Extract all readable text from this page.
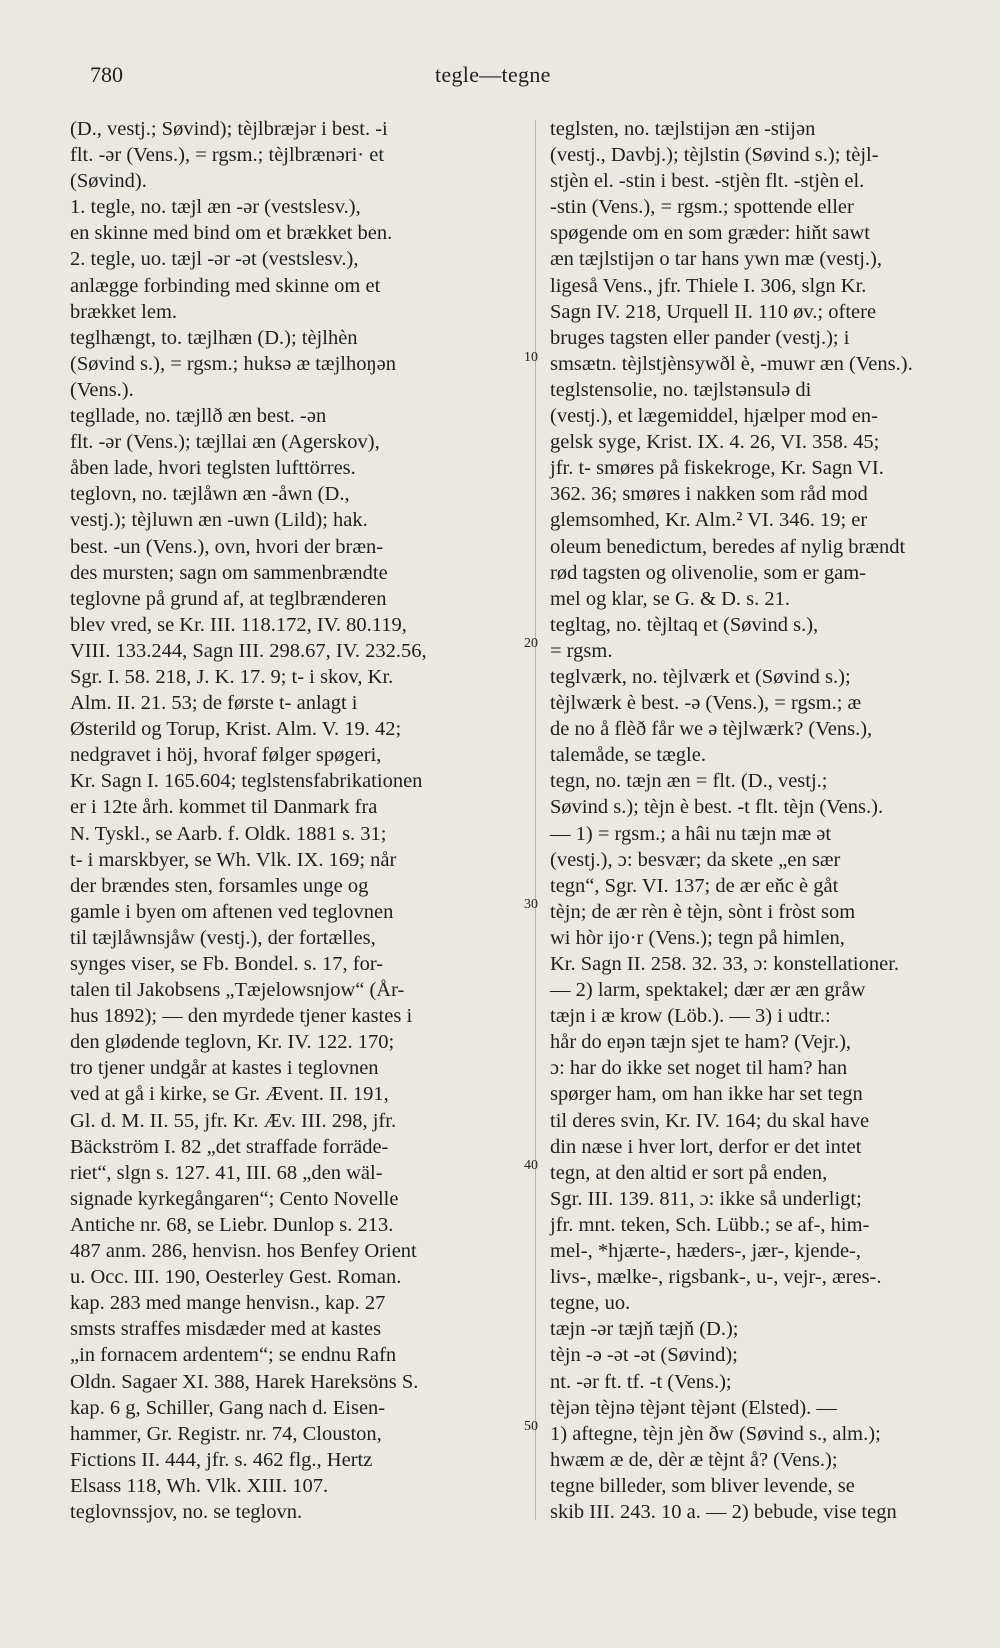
780	tegle—tegne
(D., vestj.; Søvind); tèjlbræjər i best. -i
flt. -ər (Vens.), = rgsm.; tèjlbrænəri· et
(Søvind).
1. tegle, no. tæjl æn -ər (vestslesv.),
en skinne med bind om et brækket ben.
2. tegle, uo. tæjl -ər -ət (vestslesv.),
anlægge forbinding med skinne om et
brækket lem.
teglhængt, to. tæjlhæn (D.); tèjlhèn
(Søvind s.), = rgsm.; huksə æ tæjlhoŋən
(Vens.).
tegllade, no. tæjllð æn best. -ən
flt. -ər (Vens.); tæjllai æn (Agerskov),
åben lade, hvori teglsten lufttörres.
teglovn, no. tæjlåwn æn -åwn (D.,
vestj.); tèjluwn æn -uwn (Lild); hak.
best. -un (Vens.), ovn, hvori der bræn-
des mursten; sagn om sammenbrændte
teglovne på grund af, at teglbrænderen
blev vred, se Kr. III. 118.172, IV. 80.119,
VIII. 133.244, Sagn III. 298.67, IV. 232.56,
Sgr. I. 58. 218, J. K. 17. 9; t- i skov, Kr.
Alm. II. 21. 53; de første t- anlagt i
Østerild og Torup, Krist. Alm. V. 19. 42;
nedgravet i höj, hvoraf følger spøgeri,
Kr. Sagn I. 165.604; teglstensfabrikationen
er i 12te årh. kommet til Danmark fra
N. Tyskl., se Aarb. f. Oldk. 1881 s. 31;
t- i marskbyer, se Wh. Vlk. IX. 169; når
der brændes sten, forsamles unge og
gamle i byen om aftenen ved teglovnen
til tæjlåwnsjåw (vestj.), der fortælles,
synges viser, se Fb. Bondel. s. 17, for-
talen til Jakobsens „Tæjelowsnjow“ (År-
hus 1892); — den myrdede tjener kastes i
den glødende teglovn, Kr. IV. 122. 170;
tro tjener undgår at kastes i teglovnen
ved at gå i kirke, se Gr. Ævent. II. 191,
Gl. d. M. II. 55, jfr. Kr. Æv. III. 298, jfr.
Bäckström I. 82 „det straffade forräde-
riet“, slgn s. 127. 41, III. 68 „den wäl-
signade kyrkegångaren“; Cento Novelle
Antiche nr. 68, se Liebr. Dunlop s. 213.
487 anm. 286, henvisn. hos Benfey Orient
u. Occ. III. 190, Oesterley Gest. Roman.
kap. 283 med mange henvisn., kap. 27
smsts straffes misdæder med at kastes
„in fornacem ardentem“; se endnu Rafn
Oldn. Sagaer XI. 388, Harek Hareksöns S.
kap. 6 g, Schiller, Gang nach d. Eisen-
hammer, Gr. Registr. nr. 74, Clouston,
Fictions II. 444, jfr. s. 462 flg., Hertz
Elsass 118, Wh. Vlk. XIII. 107.
teglovnssjov, no. se teglovn.
teglsten, no. tæjlstijən æn -stijən
(vestj., Davbj.); tèjlstin (Søvind s.); tèjl-
stjèn el. -stin i best. -stjèn flt. -stjèn el.
-stin (Vens.), = rgsm.; spottende eller
spøgende om en som græder: hiňt sawt
æn tæjlstijən o tar hans ywn mæ (vestj.),
ligeså Vens., jfr. Thiele I. 306, slgn Kr.
Sagn IV. 218, Urquell II. 110 øv.; oftere
bruges tagsten eller pander (vestj.); i
smsætn. tèjlstjènsywðl è, -muwr æn (Vens.).
teglstensolie, no. tæjlstənsulə di
(vestj.), et lægemiddel, hjælper mod en-
gelsk syge, Krist. IX. 4. 26, VI. 358. 45;
jfr. t- smøres på fiskekroge, Kr. Sagn VI.
362. 36; smøres i nakken som råd mod
glemsomhed, Kr. Alm.² VI. 346. 19; er
oleum benedictum, beredes af nylig brændt
rød tagsten og olivenolie, som er gam-
mel og klar, se G. & D. s. 21.
tegltag, no. tèjltaq et (Søvind s.),
= rgsm.
teglværk, no. tèjlværk et (Søvind s.);
tèjlwærk è best. -ə (Vens.), = rgsm.; æ
de no å flèð får we ə tèjlwærk? (Vens.),
talemåde, se tægle.
tegn, no. tæjn æn = flt. (D., vestj.;
Søvind s.); tèjn è best. -t flt. tèjn (Vens.).
— 1) = rgsm.; a hâi nu tæjn mæ ət
(vestj.), ɔ: besvær; da skete „en sær
tegn“, Sgr. VI. 137; de ær eňc è gåt
tèjn; de ær rèn è tèjn, sònt i fròst som
wi hòr ijo·r (Vens.); tegn på himlen,
Kr. Sagn II. 258. 32. 33, ɔ: konstellationer.
— 2) larm, spektakel; dær ær æn gråw
tæjn i æ krow (Löb.). — 3) i udtr.:
hår do eŋən tæjn sjet te ham? (Vejr.),
ɔ: har do ikke set noget til ham? han
spørger ham, om han ikke har set tegn
til deres svin, Kr. IV. 164; du skal have
din næse i hver lort, derfor er det intet
tegn, at den altid er sort på enden,
Sgr. III. 139. 811, ɔ: ikke så underligt;
jfr. mnt. teken, Sch. Lübb.; se af-, him-
mel-, *hjærte-, hæders-, jær-, kjende-,
livs-, mælke-, rigsbank-, u-, vejr-, æres-.
tegne, uo.
tæjn -ər tæjň tæjň (D.);
tèjn -ə -ət -ət (Søvind);
nt. -ər ft. tf. -t (Vens.);
tèjən tèjnə tèjənt tèjənt (Elsted). —
1) aftegne, tèjn jèn ðw (Søvind s., alm.);
hwæm æ de, dèr æ tèjnt å? (Vens.);
tegne billeder, som bliver levende, se
skib III. 243. 10 a. — 2) bebude, vise tegn
10
20
30
40
50
